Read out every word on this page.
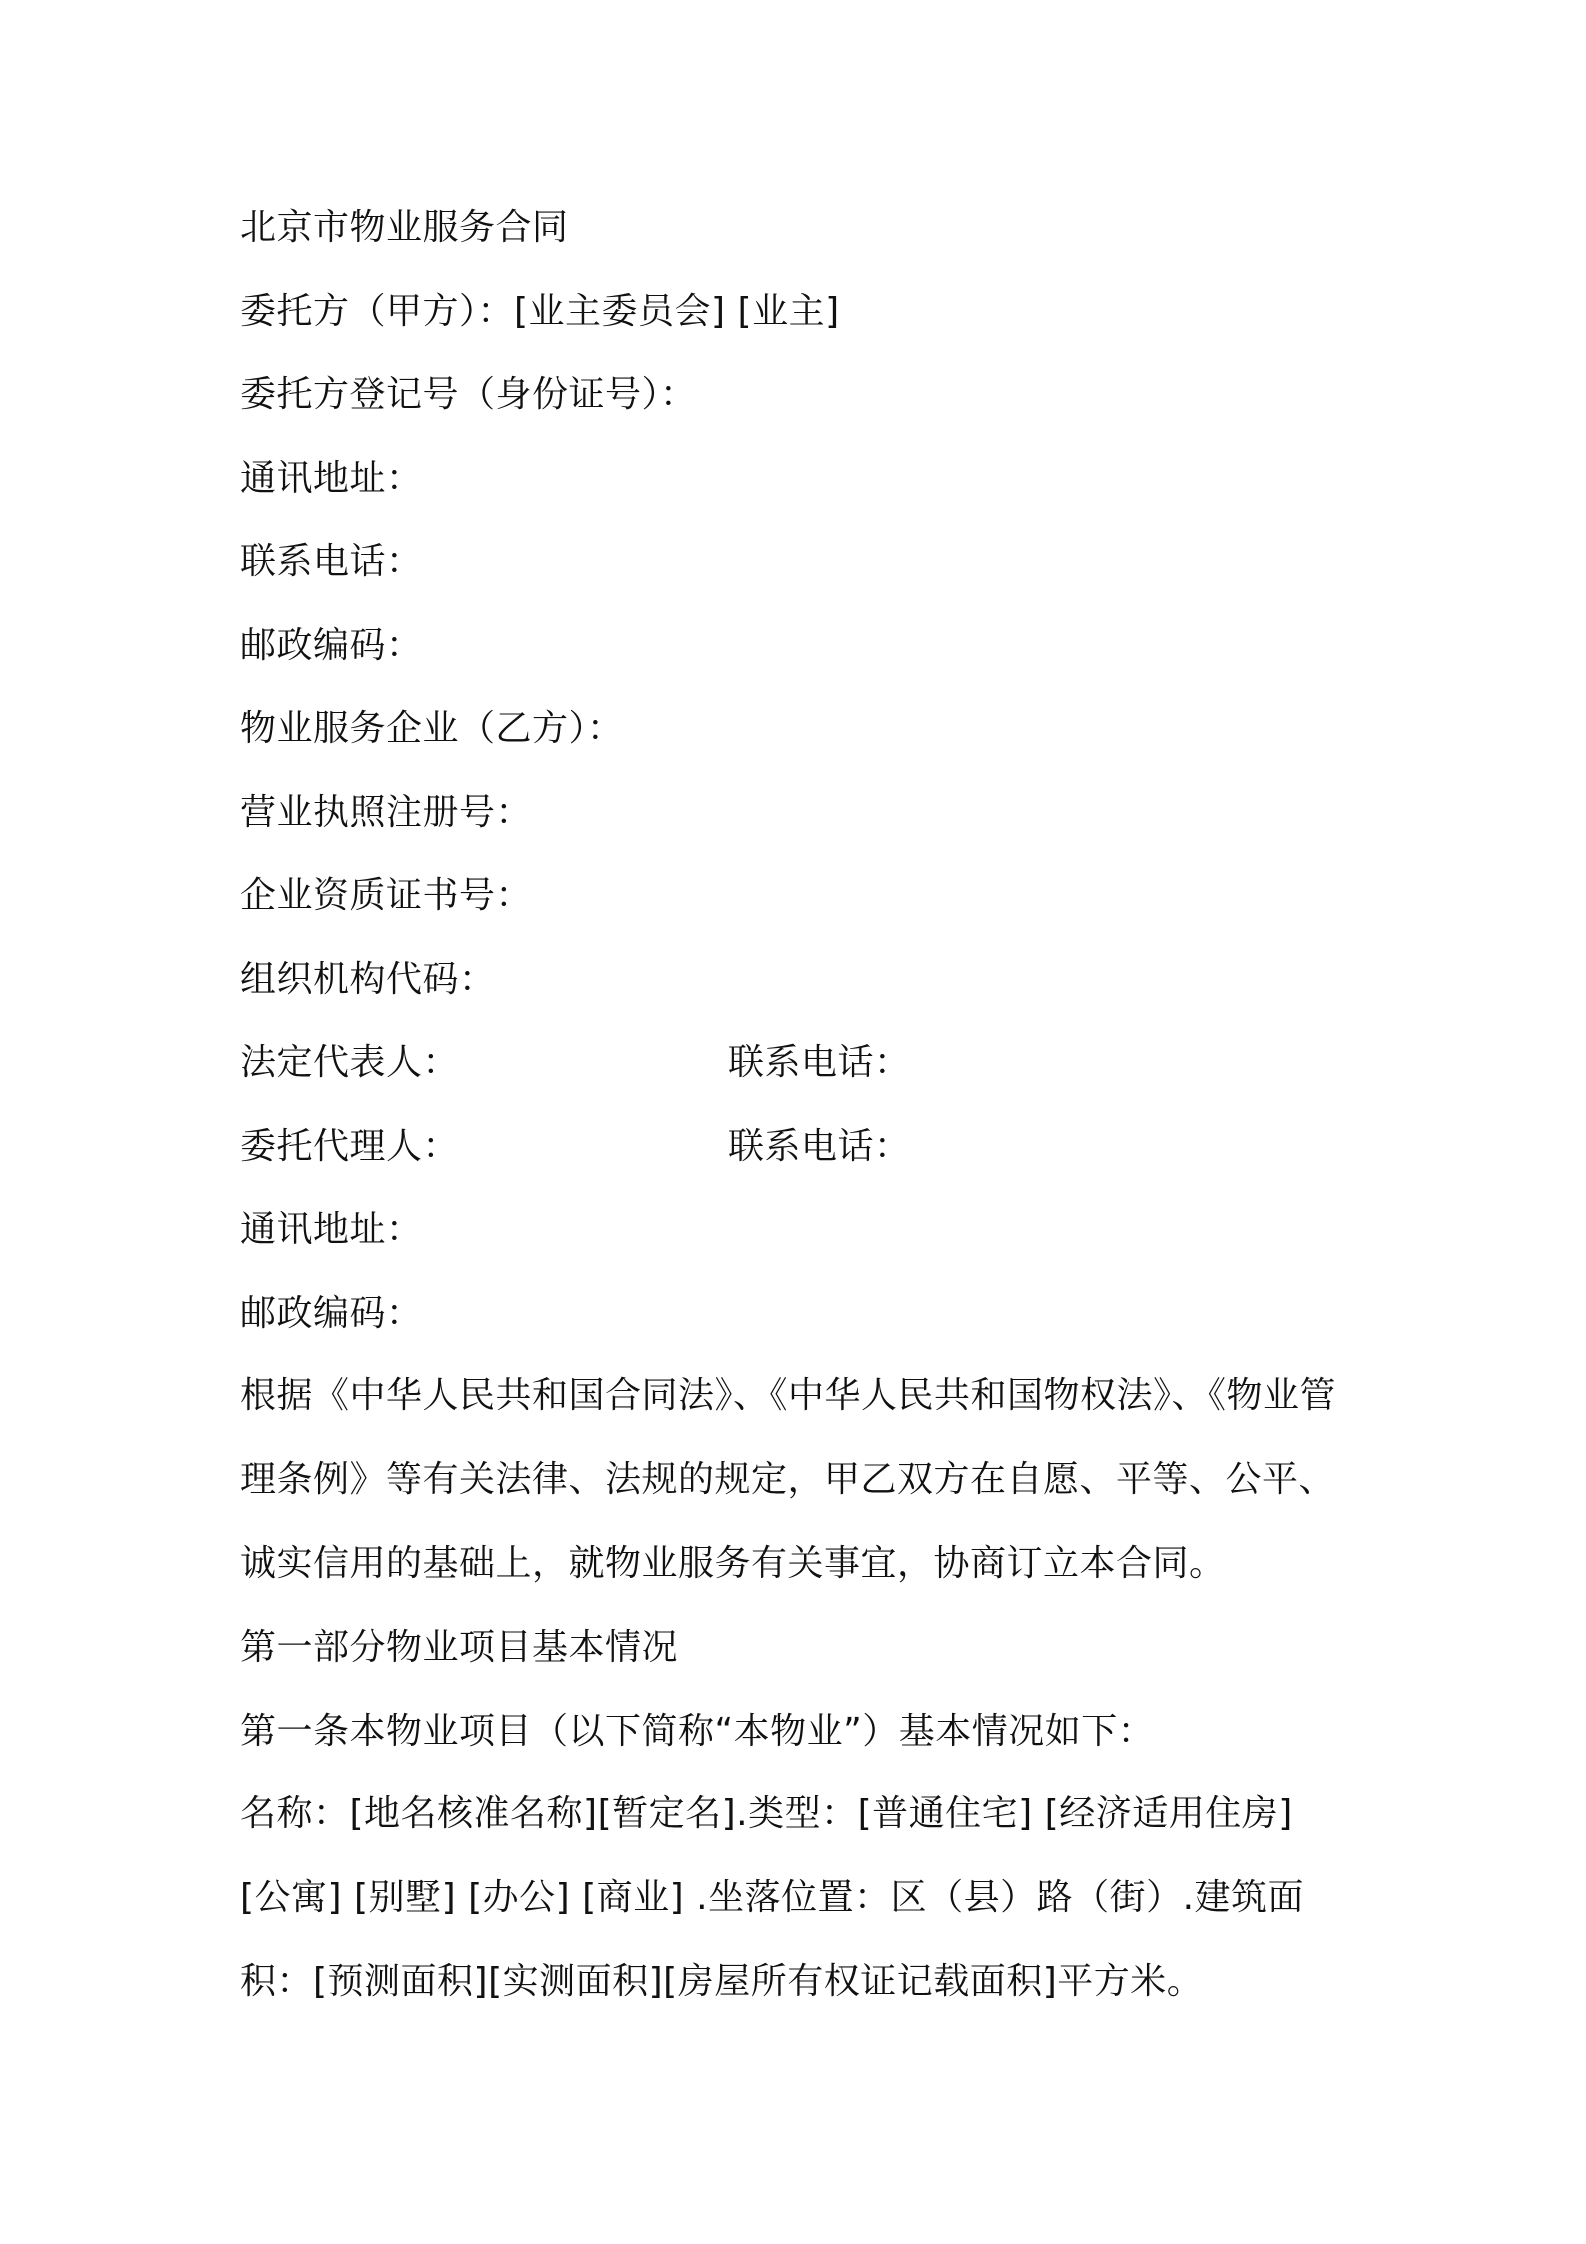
北京市物业服务合同
委托方（甲方）：[业主委员会] [业主]
委托方登记号（身份证号）：
通讯地址：
联系电话：
邮政编码：
物业服务企业（乙方）：
营业执照注册号：
企业资质证书号：
组织机构代码：
法定代表人：	联系电话：
委托代理人：	联系电话：
通讯地址：
邮政编码：
根据《中华人民共和国合同法》、《中华人民共和国物权法》、《物业管理条例》等有关法律、法规的规定，甲乙双方在自愿、平等、公平、诚实信用的基础上，就物业服务有关事宜，协商订立本合同。
第一部分物业项目基本情况
第一条本物业项目（以下简称“本物业”）基本情况如下：
名称：[地名核准名称][暂定名].类型：[普通住宅] [经济适用住房] [公寓] [别墅] [办公] [商业] .坐落位置：区（县）路（街）.建筑面积：[预测面积][实测面积][房屋所有权证记载面积]平方米。
